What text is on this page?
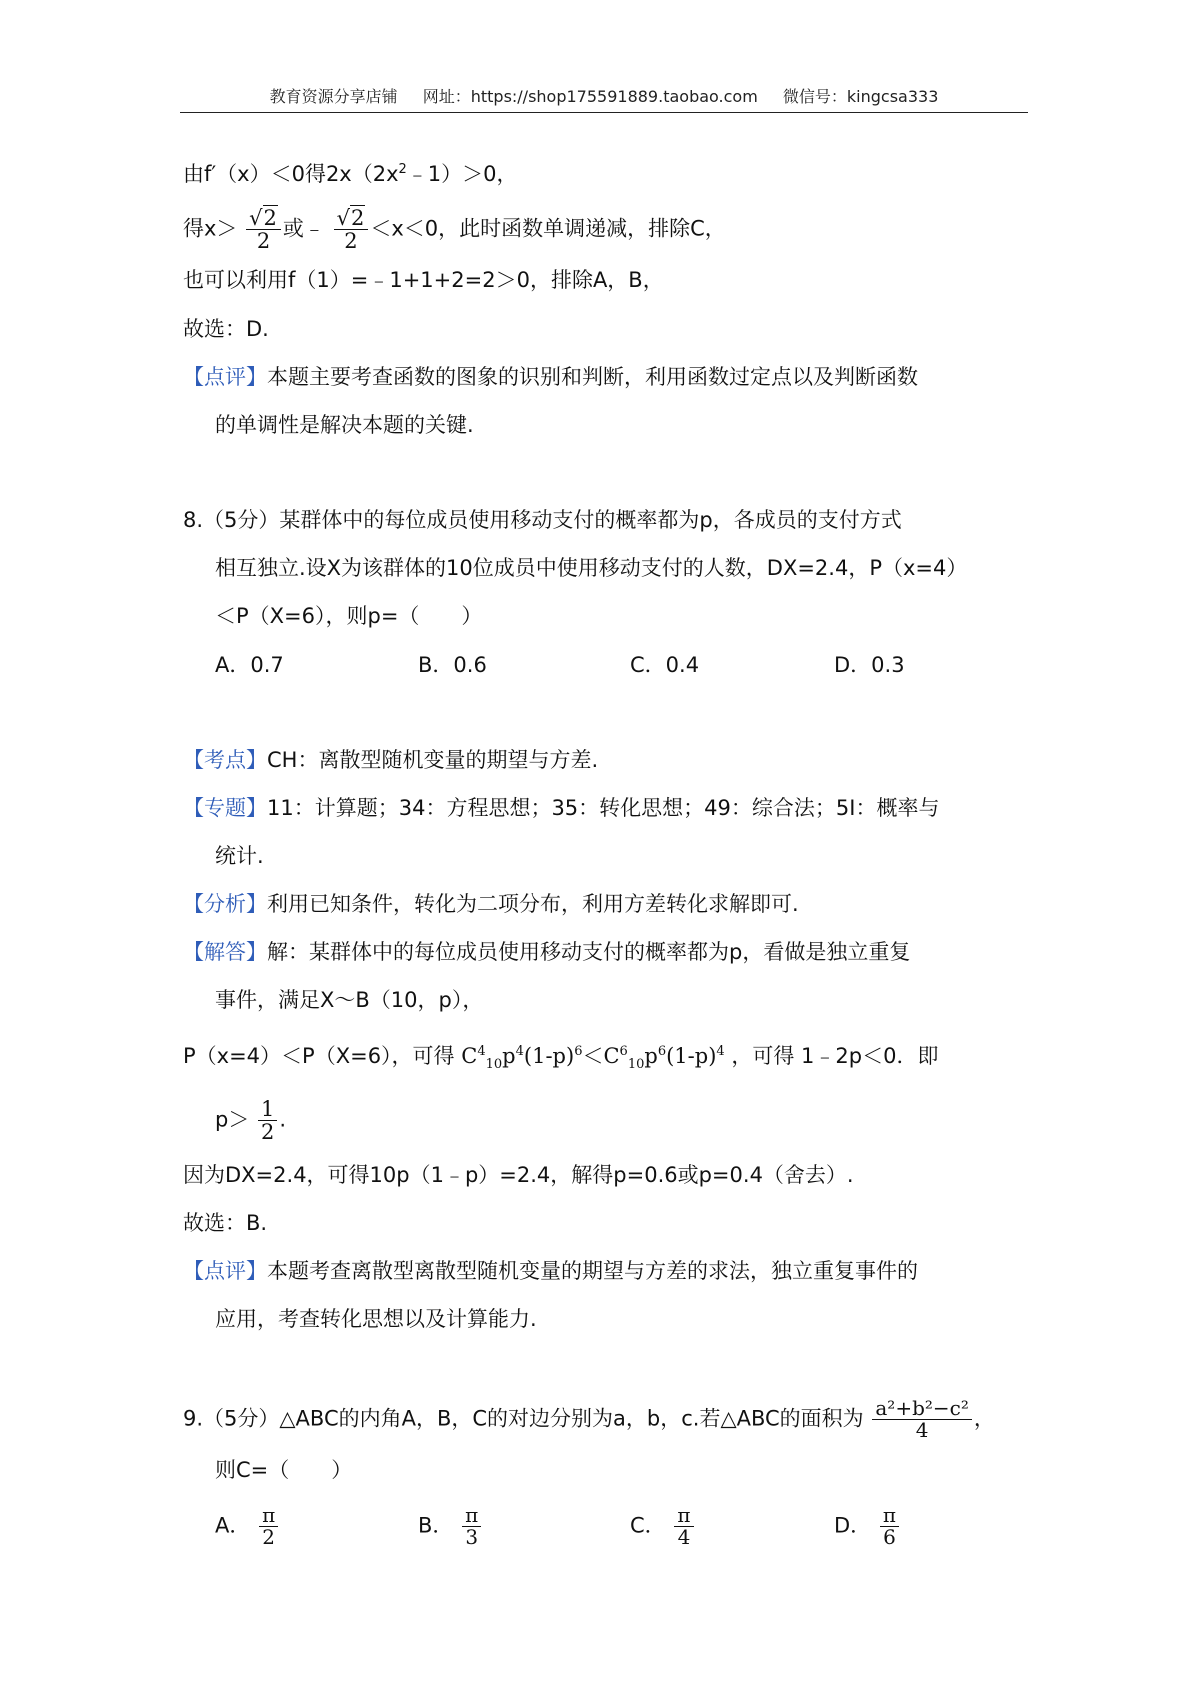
教育资源分享店铺 网址：https://shop175591889.taobao.com 微信号：kingcsa333
由f′（x）＜0得$2x(2x^2﹣1)>0$，
得$x> \frac{√2}{2}$ 或﹣ $\frac{√2}{2} <x<0$，此时函数单调递减，排除C，
也可以利用f（1）=﹣1+1+2=2＞0，排除A，B，
故选：D.
【点评】本题主要考查函数的图象的识别和判断，利用函数过定点以及判断函数
的单调性是解决本题的关键.
8.（5分）某群体中的每位成员使用移动支付的概率都为p，各成员的支付方式
相互独立.设X为该群体的10位成员中使用移动支付的人数，DX=2.4，P（x=4）
＜P（X=6），则p=（　　）
A．0.7	B．0.6	C．0.4	D．0.3
【考点】CH：离散型随机变量的期望与方差.
【专题】11：计算题；34：方程思想；35：转化思想；49：综合法；5I：概率与
统计.
【分析】利用已知条件，转化为二项分布，利用方差转化求解即可.
【解答】解：某群体中的每位成员使用移动支付的概率都为p，看做是独立重复
事件，满足X～B（10，p），
P（x=4）＜P（X=6），可得 $C^4_{10}p^4(1-p)^6<C^6_{10}p^6(1-p)^4$ ，可得 1﹣2p＜0．即
$p> \frac{1}{2}$ .
因为DX=2.4，可得10p（1﹣p）=2.4，解得p=0.6或p=0.4（舍去）.
故选：B.
【点评】本题考查离散型离散型随机变量的期望与方差的求法，独立重复事件的
应用，考查转化思想以及计算能力.
9.（5分）△ABC的内角A，B，C的对边分别为a，b，c.若△ABC的面积为 $\frac{\text{a²+b²−c²}}{4}$ ，
则C=（　　）
A． $\frac{\pi}{2}$	B． $\frac{\pi}{3}$	C． $\frac{\pi}{4}$	D． $\frac{\pi}{6}$
